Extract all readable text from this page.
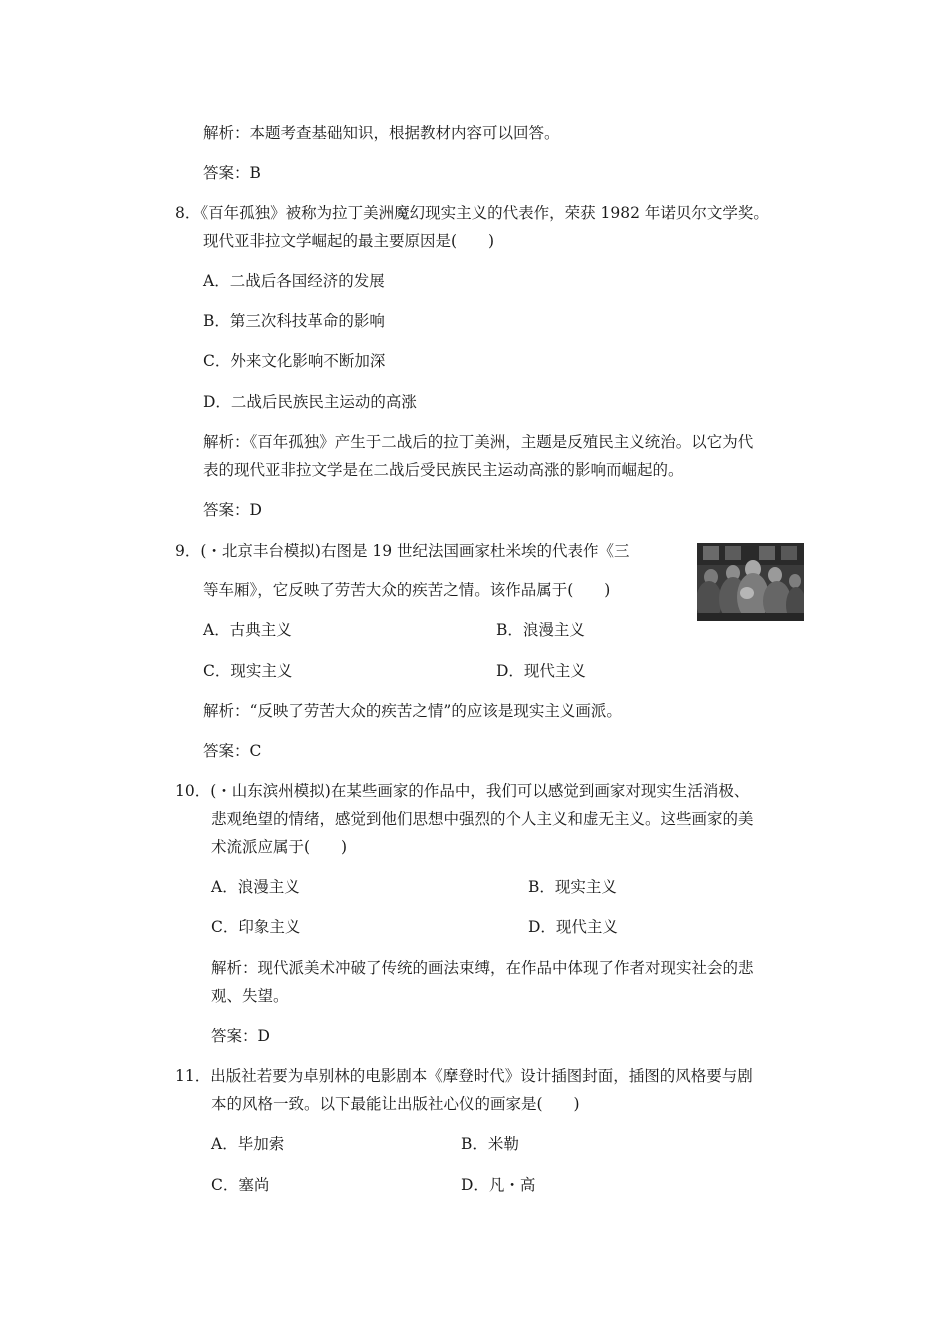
解析：本题考查基础知识，根据教材内容可以回答。
答案：B
8．《百年孤独》被称为拉丁美洲魔幻现实主义的代表作，荣获 1982 年诺贝尔文学奖。
现代亚非拉文学崛起的最主要原因是(　　)
A．二战后各国经济的发展
B．第三次科技革命的影响
C．外来文化影响不断加深
D．二战后民族民主运动的高涨
解析：《百年孤独》产生于二战后的拉丁美洲，主题是反殖民主义统治。以它为代
表的现代亚非拉文学是在二战后受民族民主运动高涨的影响而崛起的。
答案：D
9．(・北京丰台模拟)右图是 19 世纪法国画家杜米埃的代表作《三
等车厢》，它反映了劳苦大众的疾苦之情。该作品属于(　　)
A．古典主义	B．浪漫主义
C．现实主义	D．现代主义
解析：“反映了劳苦大众的疾苦之情”的应该是现实主义画派。
答案：C
10．(・山东滨州模拟)在某些画家的作品中，我们可以感觉到画家对现实生活消极、
悲观绝望的情绪，感觉到他们思想中强烈的个人主义和虚无主义。这些画家的美
术流派应属于(　　)
A．浪漫主义	B．现实主义
C．印象主义	D．现代主义
解析：现代派美术冲破了传统的画法束缚，在作品中体现了作者对现实社会的悲
观、失望。
答案：D
11．出版社若要为卓别林的电影剧本《摩登时代》设计插图封面，插图的风格要与剧
本的风格一致。以下最能让出版社心仪的画家是(　　)
A．毕加索	B．米勒
C．塞尚	D．凡・高
